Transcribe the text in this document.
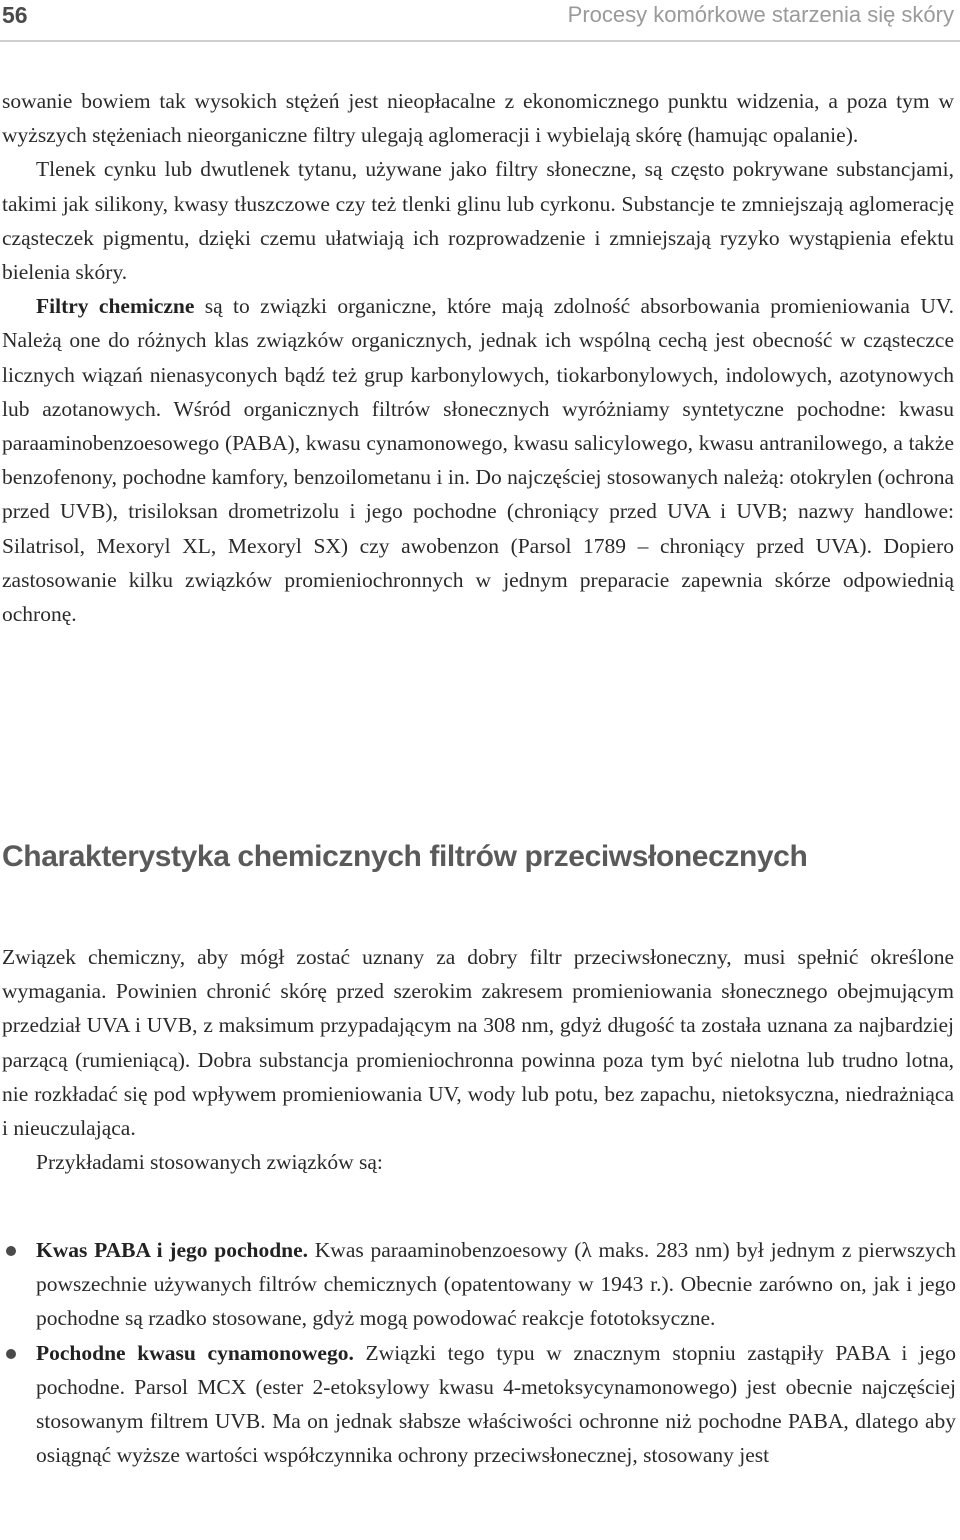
56	Procesy komórkowe starzenia się skóry

sowanie bowiem tak wysokich stężeń jest nieopłacalne z ekonomicznego punktu widzenia, a poza tym w wyższych stężeniach nieorganiczne filtry ulegają aglomeracji i wybielają skórę (hamując opalanie).

Tlenek cynku lub dwutlenek tytanu, używane jako filtry słoneczne, są często pokrywane substancjami, takimi jak silikony, kwasy tłuszczowe czy też tlenki glinu lub cyrkonu. Substancje te zmniejszają aglomerację cząsteczek pigmentu, dzięki czemu ułatwiają ich rozprowadzenie i zmniejszają ryzyko wystąpienia efektu bielenia skóry.

Filtry chemiczne są to związki organiczne, które mają zdolność absorbowania promieniowania UV. Należą one do różnych klas związków organicznych, jednak ich wspólną cechą jest obecność w cząsteczce licznych wiązań nienasyconych bądź też grup karbonylowych, tiokarbonylowych, indolowych, azotynowych lub azotanowych. Wśród organicznych filtrów słonecznych wyróżniamy syntetyczne pochodne: kwasu paraaminobenzoesowego (PABA), kwasu cynamonowego, kwasu salicylowego, kwasu antranilowego, a także benzofenony, pochodne kamfory, benzoilometanu i in. Do najczęściej stosowanych należą: otokrylen (ochrona przed UVB), trisiloksan drometrizolu i jego pochodne (chroniący przed UVA i UVB; nazwy handlowe: Silatrisol, Mexoryl XL, Mexoryl SX) czy awobenzon (Parsol 1789 – chroniący przed UVA). Dopiero zastosowanie kilku związków promieniochronnych w jednym preparacie zapewnia skórze odpowiednią ochronę.

Charakterystyka chemicznych filtrów przeciwsłonecznych

Związek chemiczny, aby mógł zostać uznany za dobry filtr przeciwsłoneczny, musi spełnić określone wymagania. Powinien chronić skórę przed szerokim zakresem promieniowania słonecznego obejmującym przedział UVA i UVB, z maksimum przypadającym na 308 nm, gdyż długość ta została uznana za najbardziej parzącą (rumieniącą). Dobra substancja promieniochronna powinna poza tym być nielotna lub trudno lotna, nie rozkładać się pod wpływem promieniowania UV, wody lub potu, bez zapachu, nietoksyczna, niedrażniąca i nieuczulająca.

Przykładami stosowanych związków są:

Kwas PABA i jego pochodne. Kwas paraaminobenzoesowy (λ maks. 283 nm) był jednym z pierwszych powszechnie używanych filtrów chemicznych (opatentowany w 1943 r.). Obecnie zarówno on, jak i jego pochodne są rzadko stosowane, gdyż mogą powodować reakcje fototoksyczne.
Pochodne kwasu cynamonowego. Związki tego typu w znacznym stopniu zastąpiły PABA i jego pochodne. Parsol MCX (ester 2-etoksylowy kwasu 4-metoksycynamonowego) jest obecnie najczęściej stosowanym filtrem UVB. Ma on jednak słabsze właściwości ochronne niż pochodne PABA, dlatego aby osiągnąć wyższe wartości współczynnika ochrony przeciwsłonecznej, stosowany jest
